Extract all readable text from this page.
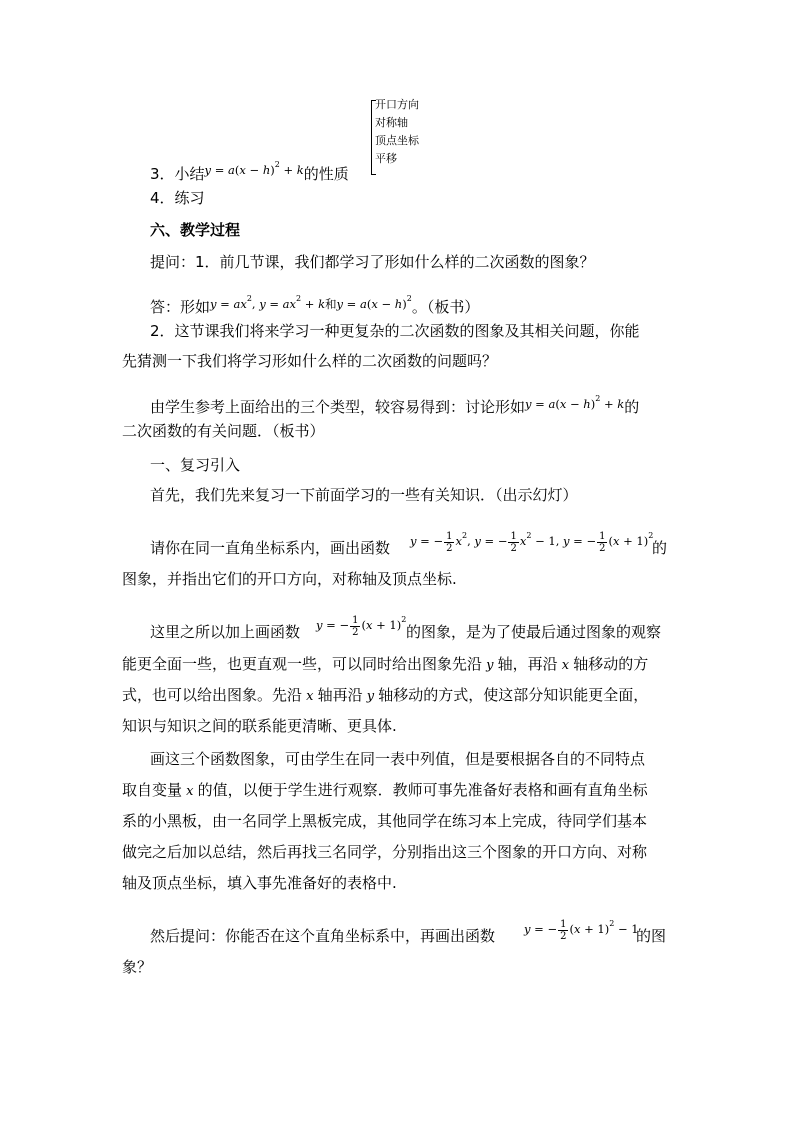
3．小结$^{y = a(x - h)^2 + k}$的性质
开口方向
对称轴
顶点坐标
平移
4．练习
六、教学过程
提问：1．前几节课，我们都学习了形如什么样的二次函数的图象？
答：形如$^{y = ax^2, y = ax^2 + k和y = a(x - h)^2}$。（板书）
2．这节课我们将来学习一种更复杂的二次函数的图象及其相关问题，你能
先猜测一下我们将学习形如什么样的二次函数的问题吗？
由学生参考上面给出的三个类型，较容易得到：讨论形如$^{y = a(x - h)^2 + k}$的
二次函数的有关问题．（板书）
一、复习引入
首先，我们先来复习一下前面学习的一些有关知识．（出示幻灯）
请你在同一直角坐标系内，画出函数 y = − $\frac{1}{2} x^2$, y = − $\frac{1}{2} x^2 - 1$, y = − $\frac{1}{2} (x + 1)^2$
的
图象，并指出它们的开口方向，对称轴及顶点坐标.
这里之所以加上画函数 y = − $\frac{1}{2} (x + 1)^2$
的图象，是为了使最后通过图象的观察
能更全面一些，也更直观一些，可以同时给出图象先沿 y 轴，再沿 x 轴移动的方
式，也可以给出图象。先沿 x 轴再沿 y 轴移动的方式，使这部分知识能更全面，
知识与知识之间的联系能更清晰、更具体.
画这三个函数图象，可由学生在同一表中列值，但是要根据各自的不同特点
取自变量 x 的值，以便于学生进行观察．教师可事先准备好表格和画有直角坐标
系的小黑板，由一名同学上黑板完成，其他同学在练习本上完成，待同学们基本
做完之后加以总结，然后再找三名同学，分别指出这三个图象的开口方向、对称
轴及顶点坐标，填入事先准备好的表格中.
然后提问：你能否在这个直角坐标系中，再画出函数	y = − $\frac{1}{2} (x + 1)^2 - 1$
的图
象？
